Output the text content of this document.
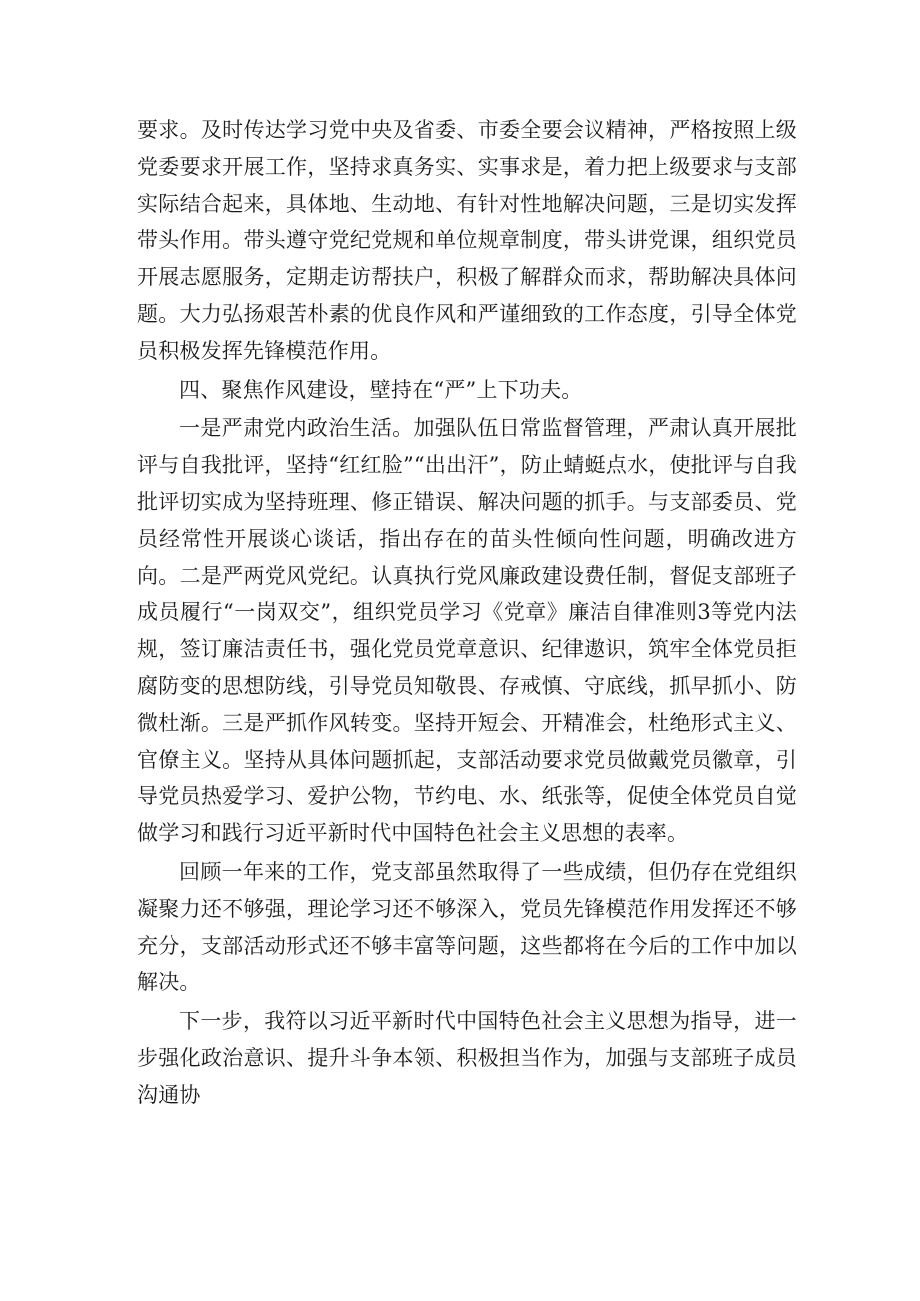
要求。及时传达学习党中央及省委、市委全要会议精神，严格按照上级党委要求开展工作，坚持求真务实、实事求是，着力把上级要求与支部实际结合起来，具体地、生动地、有针对性地解决问题，三是切实发挥带头作用。带头遵守党纪党规和单位规章制度，带头讲党课，组织党员开展志愿服务，定期走访帮扶户，积极了解群众而求，帮助解决具体问题。大力弘扬艰苦朴素的优良作风和严谨细致的工作态度，引导全体党员积极发挥先锋模范作用。

四、聚焦作风建设，壁持在“严”上下功夫。

一是严肃党内政治生活。加强队伍日常监督管理，严肃认真开展批评与自我批评，坚持“红红脸”“出出汗”，防止蜻蜓点水，使批评与自我批评切实成为坚持班理、修正错误、解决问题的抓手。与支部委员、党员经常性开展谈心谈话，指出存在的苗头性倾向性问题，明确改进方向。二是严两党风党纪。认真执行党风廉政建设费任制，督促支部班子成员履行“一岗双交”，组织党员学习《党章》廉洁自律准则3等党内法规，签订廉洁责任书，强化党员党章意识、纪律遨识，筑牢全体党员拒腐防变的思想防线，引导党员知敬畏、存戒慎、守底线，抓早抓小、防微杜渐。三是严抓作风转变。坚持开短会、开精准会，杜绝形式主义、官僚主义。坚持从具体问题抓起，支部活动要求党员做戴党员徽章，引导党员热爱学习、爱护公物，节约电、水、纸张等，促使全体党员自觉做学习和践行习近平新时代中国特色社会主义思想的表率。

回顾一年来的工作，党支部虽然取得了一些成绩，但仍存在党组织凝聚力还不够强，理论学习还不够深入，党员先锋模范作用发挥还不够充分，支部活动形式还不够丰富等问题，这些都将在今后的工作中加以解决。

下一步，我符以习近平新时代中国特色社会主义思想为指导，进一步强化政治意识、提升斗争本领、积极担当作为，加强与支部班子成员沟通协
